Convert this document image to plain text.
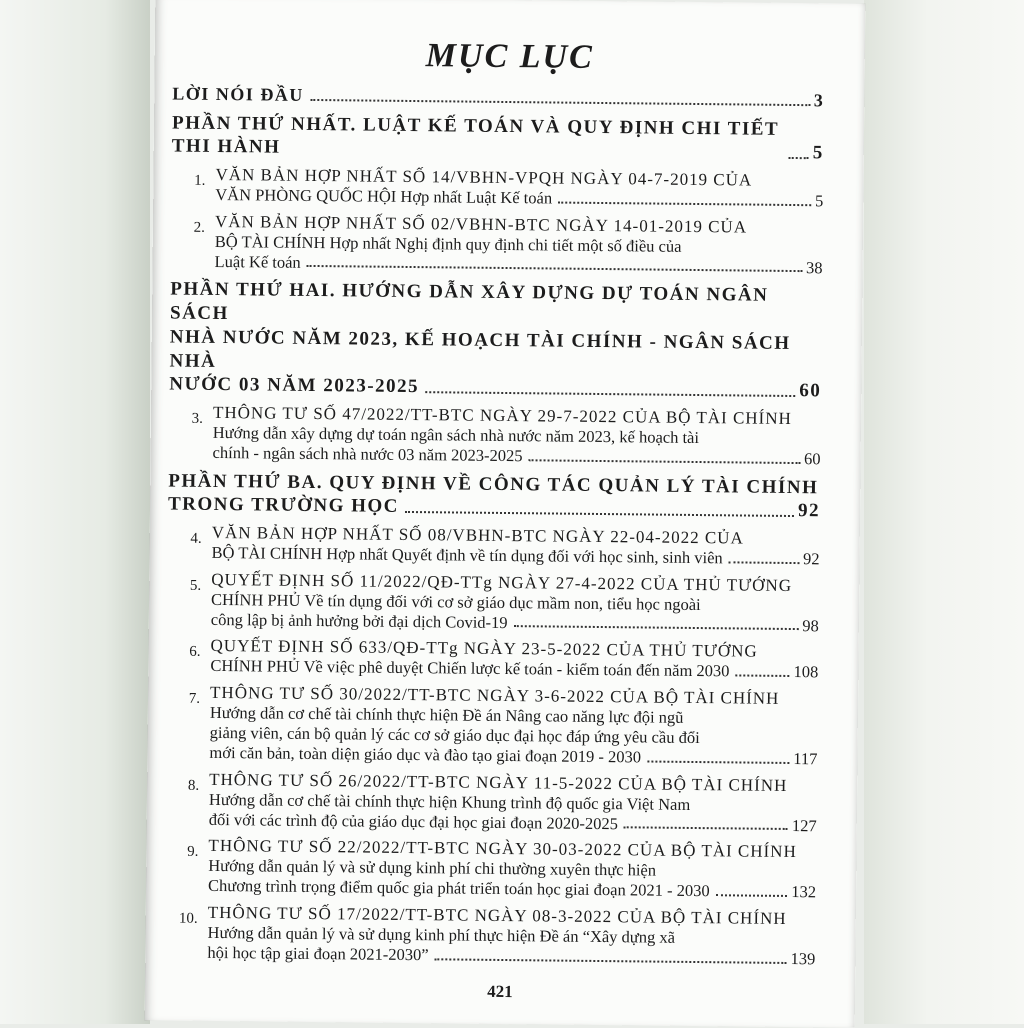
MỤC LỤC
LỜI NÓI ĐẦU	3
PHẦN THỨ NHẤT. LUẬT KẾ TOÁN VÀ QUY ĐỊNH CHI TIẾT THI HÀNH	5
1. VĂN BẢN HỢP NHẤT SỐ 14/VBHN-VPQH NGÀY 04-7-2019 CỦA
VĂN PHÒNG QUỐC HỘI Hợp nhất Luật Kế toán	5
2. VĂN BẢN HỢP NHẤT SỐ 02/VBHN-BTC NGÀY 14-01-2019 CỦA
BỘ TÀI CHÍNH Hợp nhất Nghị định quy định chi tiết một số điều của
Luật Kế toán	38
PHẦN THỨ HAI. HƯỚNG DẪN XÂY DỰNG DỰ TOÁN NGÂN SÁCH
NHÀ NƯỚC NĂM 2023, KẾ HOẠCH TÀI CHÍNH - NGÂN SÁCH NHÀ
NƯỚC 03 NĂM 2023-2025	60
3. THÔNG TƯ SỐ 47/2022/TT-BTC NGÀY 29-7-2022 CỦA BỘ TÀI CHÍNH
Hướng dẫn xây dựng dự toán ngân sách nhà nước năm 2023, kế hoạch tài
chính - ngân sách nhà nước 03 năm 2023-2025	60
PHẦN THỨ BA. QUY ĐỊNH VỀ CÔNG TÁC QUẢN LÝ TÀI CHÍNH
TRONG TRƯỜNG HỌC	92
4. VĂN BẢN HỢP NHẤT SỐ 08/VBHN-BTC NGÀY 22-04-2022 CỦA
BỘ TÀI CHÍNH Hợp nhất Quyết định về tín dụng đối với học sinh, sinh viên	92
5. QUYẾT ĐỊNH SỐ 11/2022/QĐ-TTg NGÀY 27-4-2022 CỦA THỦ TƯỚNG
CHÍNH PHỦ Về tín dụng đối với cơ sở giáo dục mầm non, tiểu học ngoài
công lập bị ảnh hưởng bởi đại dịch Covid-19	98
6. QUYẾT ĐỊNH SỐ 633/QĐ-TTg NGÀY 23-5-2022 CỦA THỦ TƯỚNG
CHÍNH PHỦ Về việc phê duyệt Chiến lược kế toán - kiểm toán đến năm 2030	108
7. THÔNG TƯ SỐ 30/2022/TT-BTC NGÀY 3-6-2022 CỦA BỘ TÀI CHÍNH
Hướng dẫn cơ chế tài chính thực hiện Đề án Nâng cao năng lực đội ngũ
giảng viên, cán bộ quản lý các cơ sở giáo dục đại học đáp ứng yêu cầu đổi
mới căn bản, toàn diện giáo dục và đào tạo giai đoạn 2019 - 2030	117
8. THÔNG TƯ SỐ 26/2022/TT-BTC NGÀY 11-5-2022 CỦA BỘ TÀI CHÍNH
Hướng dẫn cơ chế tài chính thực hiện Khung trình độ quốc gia Việt Nam
đối với các trình độ của giáo dục đại học giai đoạn 2020-2025	127
9. THÔNG TƯ SỐ 22/2022/TT-BTC NGÀY 30-03-2022 CỦA BỘ TÀI CHÍNH
Hướng dẫn quản lý và sử dụng kinh phí chi thường xuyên thực hiện
Chương trình trọng điểm quốc gia phát triển toán học giai đoạn 2021 - 2030	132
10. THÔNG TƯ SỐ 17/2022/TT-BTC NGÀY 08-3-2022 CỦA BỘ TÀI CHÍNH
Hướng dẫn quản lý và sử dụng kinh phí thực hiện Đề án “Xây dựng xã
hội học tập giai đoạn 2021-2030”	139
421
